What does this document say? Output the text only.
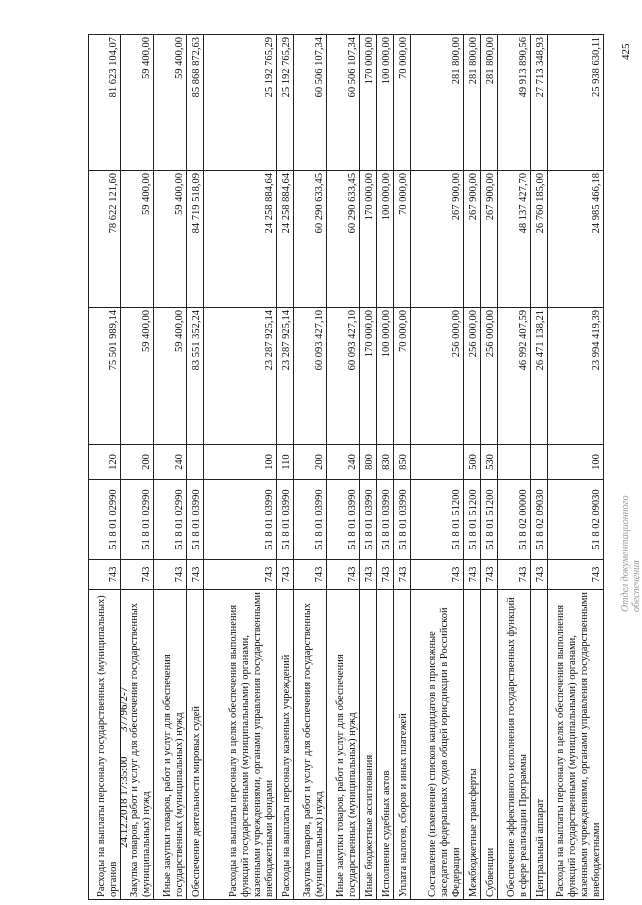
425
24.12.2018 17:35:00
37796/2-7
Отдел документационного обеспечения
Расходы на выплаты персоналу государственных (муниципальных) органов	743	51 8 01 02990	120	75 501 989,14	78 622 121,60	81 623 104,07
Закупка товаров, работ и услуг для обеспечения государственных (муниципальных) нужд	743	51 8 01 02990	200	59 400,00	59 400,00	59 400,00
Иные закупки товаров, работ и услуг для обеспечения государственных (муниципальных) нужд	743	51 8 01 02990	240	59 400,00	59 400,00	59 400,00
Обеспечение деятельности мировых судей	743	51 8 01 03990		83 551 352,24	84 719 518,09	85 868 872,63
Расходы на выплаты персоналу в целях обеспечения выполнения функций государственными (муниципальными) органами, казенными учреждениями, органами управления государственными внебюджетными фондами	743	51 8 01 03990	100	23 287 925,14	24 258 884,64	25 192 765,29
Расходы на выплаты персоналу казенных учреждений	743	51 8 01 03990	110	23 287 925,14	24 258 884,64	25 192 765,29
Закупка товаров, работ и услуг для обеспечения государственных (муниципальных) нужд	743	51 8 01 03990	200	60 093 427,10	60 290 633,45	60 506 107,34
Иные закупки товаров, работ и услуг для обеспечения государственных (муниципальных) нужд	743	51 8 01 03990	240	60 093 427,10	60 290 633,45	60 506 107,34
Иные бюджетные ассигнования	743	51 8 01 03990	800	170 000,00	170 000,00	170 000,00
Исполнение судебных актов	743	51 8 01 03990	830	100 000,00	100 000,00	100 000,00
Уплата налогов, сборов и иных платежей	743	51 8 01 03990	850	70 000,00	70 000,00	70 000,00
Составление (изменение) списков кандидатов в присяжные заседатели федеральных судов общей юрисдикции в Российской Федерации	743	51 8 01 51200		256 000,00	267 900,00	281 800,00
Межбюджетные трансферты	743	51 8 01 51200	500	256 000,00	267 900,00	281 800,00
Субвенции	743	51 8 01 51200	530	256 000,00	267 900,00	281 800,00
Обеспечение эффективного исполнения государственных функций в сфере реализации Программы	743	51 8 02 00000		46 992 407,59	48 137 427,70	49 913 890,56
Центральный аппарат	743	51 8 02 09030		26 471 138,21	26 760 185,00	27 713 348,93
Расходы на выплаты персоналу в целях обеспечения выполнения функций государственными (муниципальными) органами, казенными учреждениями, органами управления государственными внебюджетными	743	51 8 02 09030	100	23 994 419,39	24 985 466,18	25 938 630,11
